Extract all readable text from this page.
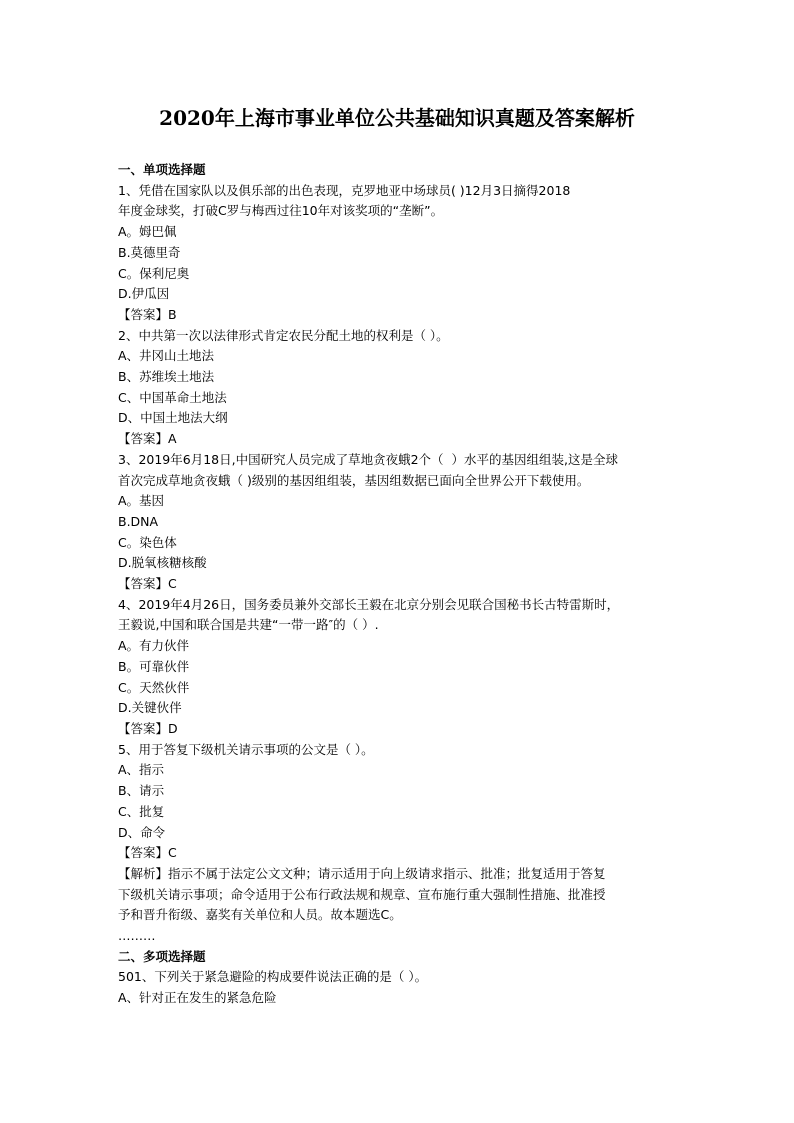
2020年上海市事业单位公共基础知识真题及答案解析
一、单项选择题
1、凭借在国家队以及俱乐部的出色表现，克罗地亚中场球员( )12月3日摘得2018
年度金球奖，打破C罗与梅西过往10年对该奖项的“垄断”。
A。姆巴佩
B.莫德里奇
C。保利尼奥
D.伊瓜因
【答案】B
2、中共第一次以法律形式肯定农民分配土地的权利是（ ）。
A、井冈山土地法
B、苏维埃土地法
C、中国革命土地法
D、中国土地法大纲
【答案】A
3、2019年6月18日,中国研究人员完成了草地贪夜蛾2个（  ）水平的基因组组装,这是全球
首次完成草地贪夜蛾（ )级别的基因组组装，基因组数据已面向全世界公开下载使用。
A。基因
B.DNA
C。染色体
D.脱氧核糖核酸
【答案】C
4、2019年4月26日，国务委员兼外交部长王毅在北京分别会见联合国秘书长古特雷斯时，
王毅说,中国和联合国是共建“一带一路″的（ ）.
A。有力伙伴
B。可靠伙伴
C。天然伙伴
D.关键伙伴
【答案】D
5、用于答复下级机关请示事项的公文是（ ）。
A、指示
B、请示
C、批复
D、命令
【答案】C
【解析】指示不属于法定公文文种；请示适用于向上级请求指示、批准；批复适用于答复
下级机关请示事项；命令适用于公布行政法规和规章、宣布施行重大强制性措施、批准授
予和晋升衔级、嘉奖有关单位和人员。故本题选C。
………
二、多项选择题
501、下列关于紧急避险的构成要件说法正确的是（ ）。
A、针对正在发生的紧急危险
